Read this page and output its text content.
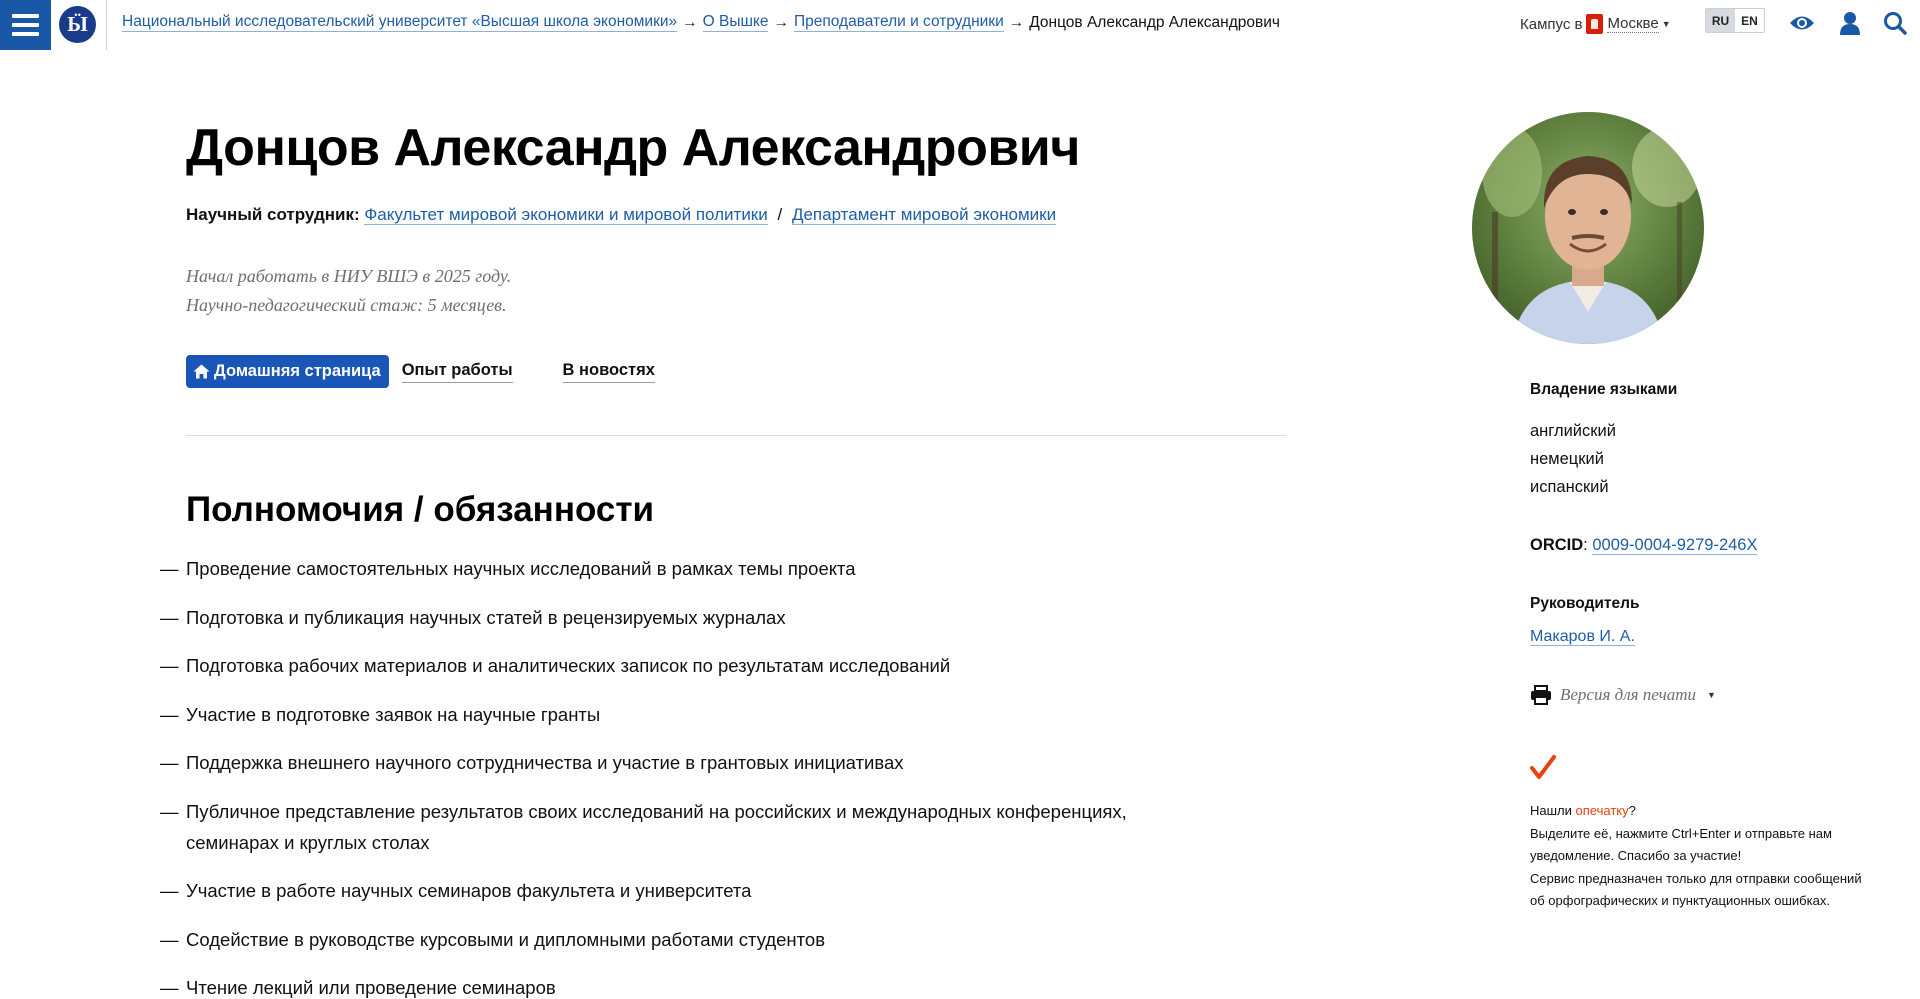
Ӹ Национальный исследовательский университет «Высшая школа экономики» → О Вышке → Преподаватели и сотрудники → Донцов Александр Александрович	Кампус в Москве ▼	RU EN
Донцов Александр Александрович
Научный сотрудник: Факультет мировой экономики и мировой политики / Департамент мировой экономики
Начал работать в НИУ ВШЭ в 2025 году.
Научно-педагогический стаж: 5 месяцев.
Домашняя страница Опыт работы	В новостях
Полномочия / обязанности
— Проведение самостоятельных научных исследований в рамках темы проекта
— Подготовка и публикация научных статей в рецензируемых журналах
— Подготовка рабочих материалов и аналитических записок по результатам исследований
— Участие в подготовке заявок на научные гранты
— Поддержка внешнего научного сотрудничества и участие в грантовых инициативах
— Публичное представление результатов своих исследований на российских и международных конференциях, семинарах и круглых столах
— Участие в работе научных семинаров факультета и университета
— Содействие в руководстве курсовыми и дипломными работами студентов
— Чтение лекций или проведение семинаров
Владение языками
английский
немецкий
испанский
ORCID: 0009-0004-9279-246X
Руководитель
Макаров И. А.
Версия для печати ▼
Нашли опечатку?
Выделите её, нажмите Ctrl+Enter и отправьте нам уведомление. Спасибо за участие!
Сервис предназначен только для отправки сообщений об орфографических и пунктуационных ошибках.
